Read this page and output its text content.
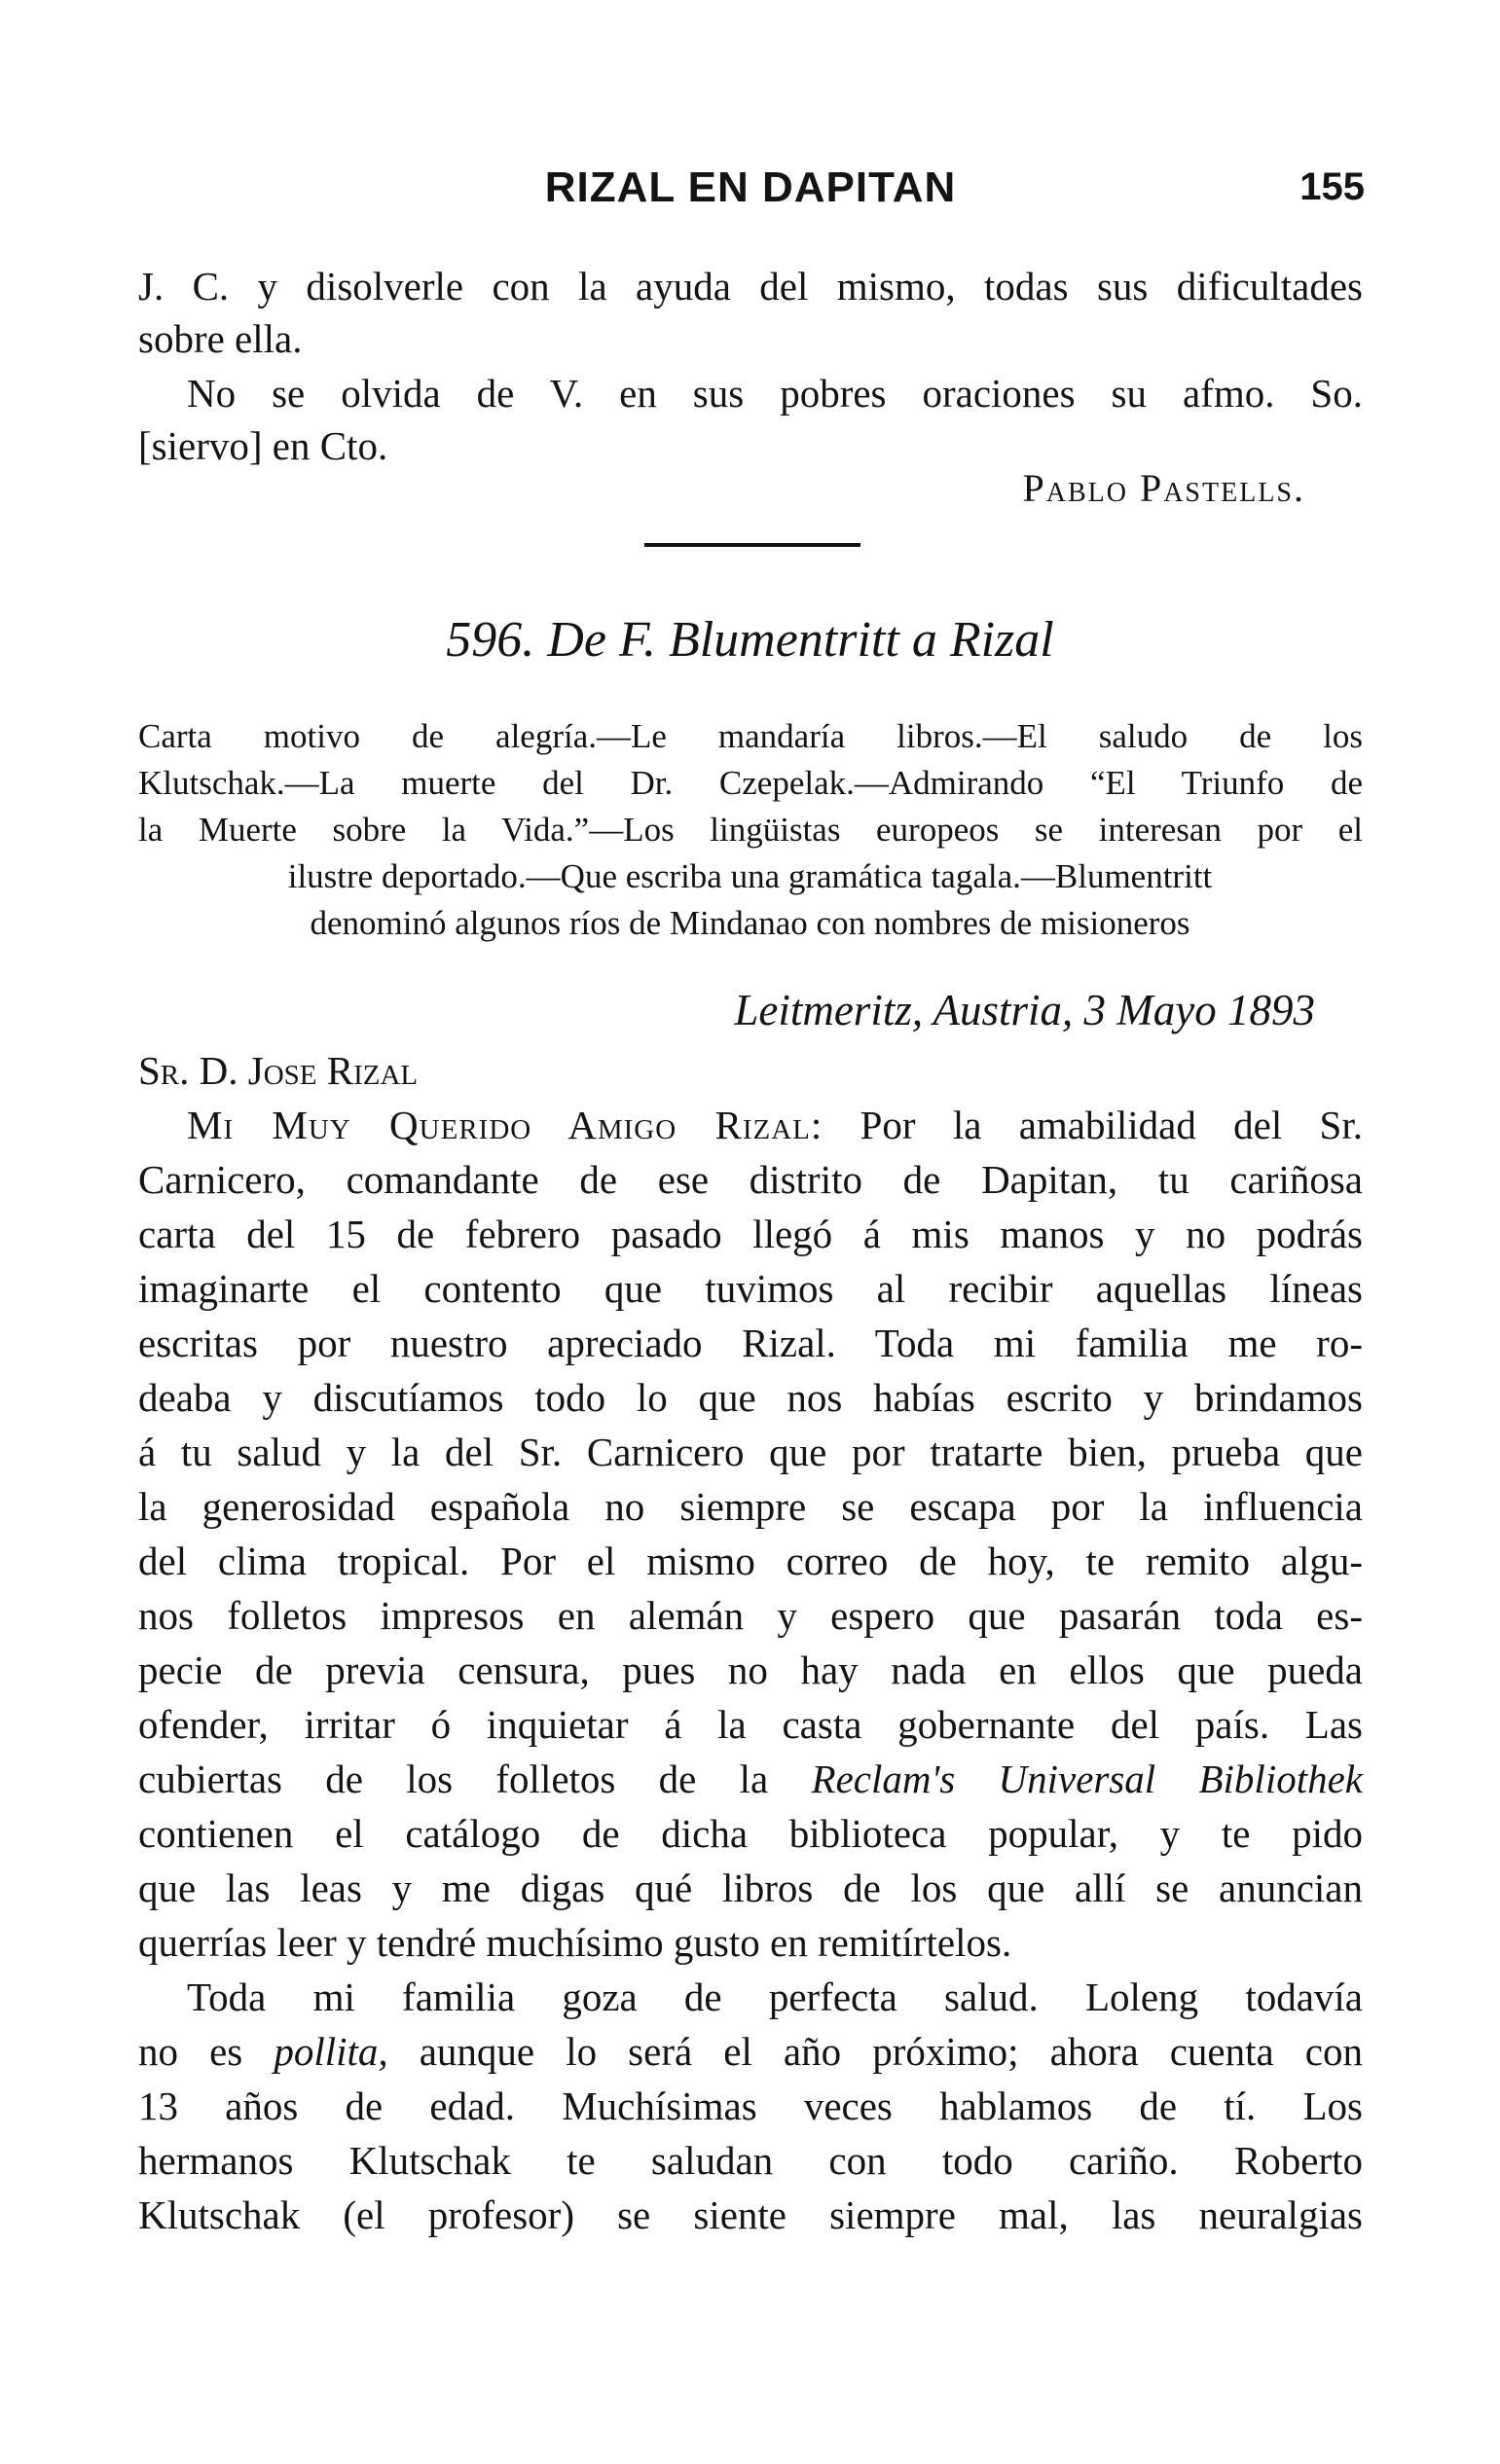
RIZAL EN DAPITAN	155
J. C. y disolverle con la ayuda del mismo, todas sus dificultades
sobre ella.
No se olvida de V. en sus pobres oraciones su afmo. So.
[siervo] en Cto.
Pablo Pastells.
596. De F. Blumentritt a Rizal
Carta motivo de alegría.—Le mandaría libros.—El saludo de los
Klutschak.—La muerte del Dr. Czepelak.—Admirando “El Triunfo de
la Muerte sobre la Vida.”—Los lingüistas europeos se interesan por el
ilustre deportado.—Que escriba una gramática tagala.—Blumentritt
denominó algunos ríos de Mindanao con nombres de misioneros
Leitmeritz, Austria, 3 Mayo 1893
Sr. D. Jose Rizal
Mi Muy Querido Amigo Rizal: Por la amabilidad del Sr.
Carnicero, comandante de ese distrito de Dapitan, tu cariñosa
carta del 15 de febrero pasado llegó á mis manos y no podrás
imaginarte el contento que tuvimos al recibir aquellas líneas
escritas por nuestro apreciado Rizal. Toda mi familia me ro-
deaba y discutíamos todo lo que nos habías escrito y brindamos
á tu salud y la del Sr. Carnicero que por tratarte bien, prueba que
la generosidad española no siempre se escapa por la influencia
del clima tropical. Por el mismo correo de hoy, te remito algu-
nos folletos impresos en alemán y espero que pasarán toda es-
pecie de previa censura, pues no hay nada en ellos que pueda
ofender, irritar ó inquietar á la casta gobernante del país. Las
cubiertas de los folletos de la Reclam's Universal Bibliothek
contienen el catálogo de dicha biblioteca popular, y te pido
que las leas y me digas qué libros de los que allí se anuncian
querrías leer y tendré muchísimo gusto en remitírtelos.
Toda mi familia goza de perfecta salud. Loleng todavía
no es pollita, aunque lo será el año próximo; ahora cuenta con
13 años de edad. Muchísimas veces hablamos de tí. Los
hermanos Klutschak te saludan con todo cariño. Roberto
Klutschak (el profesor) se siente siempre mal, las neuralgias
